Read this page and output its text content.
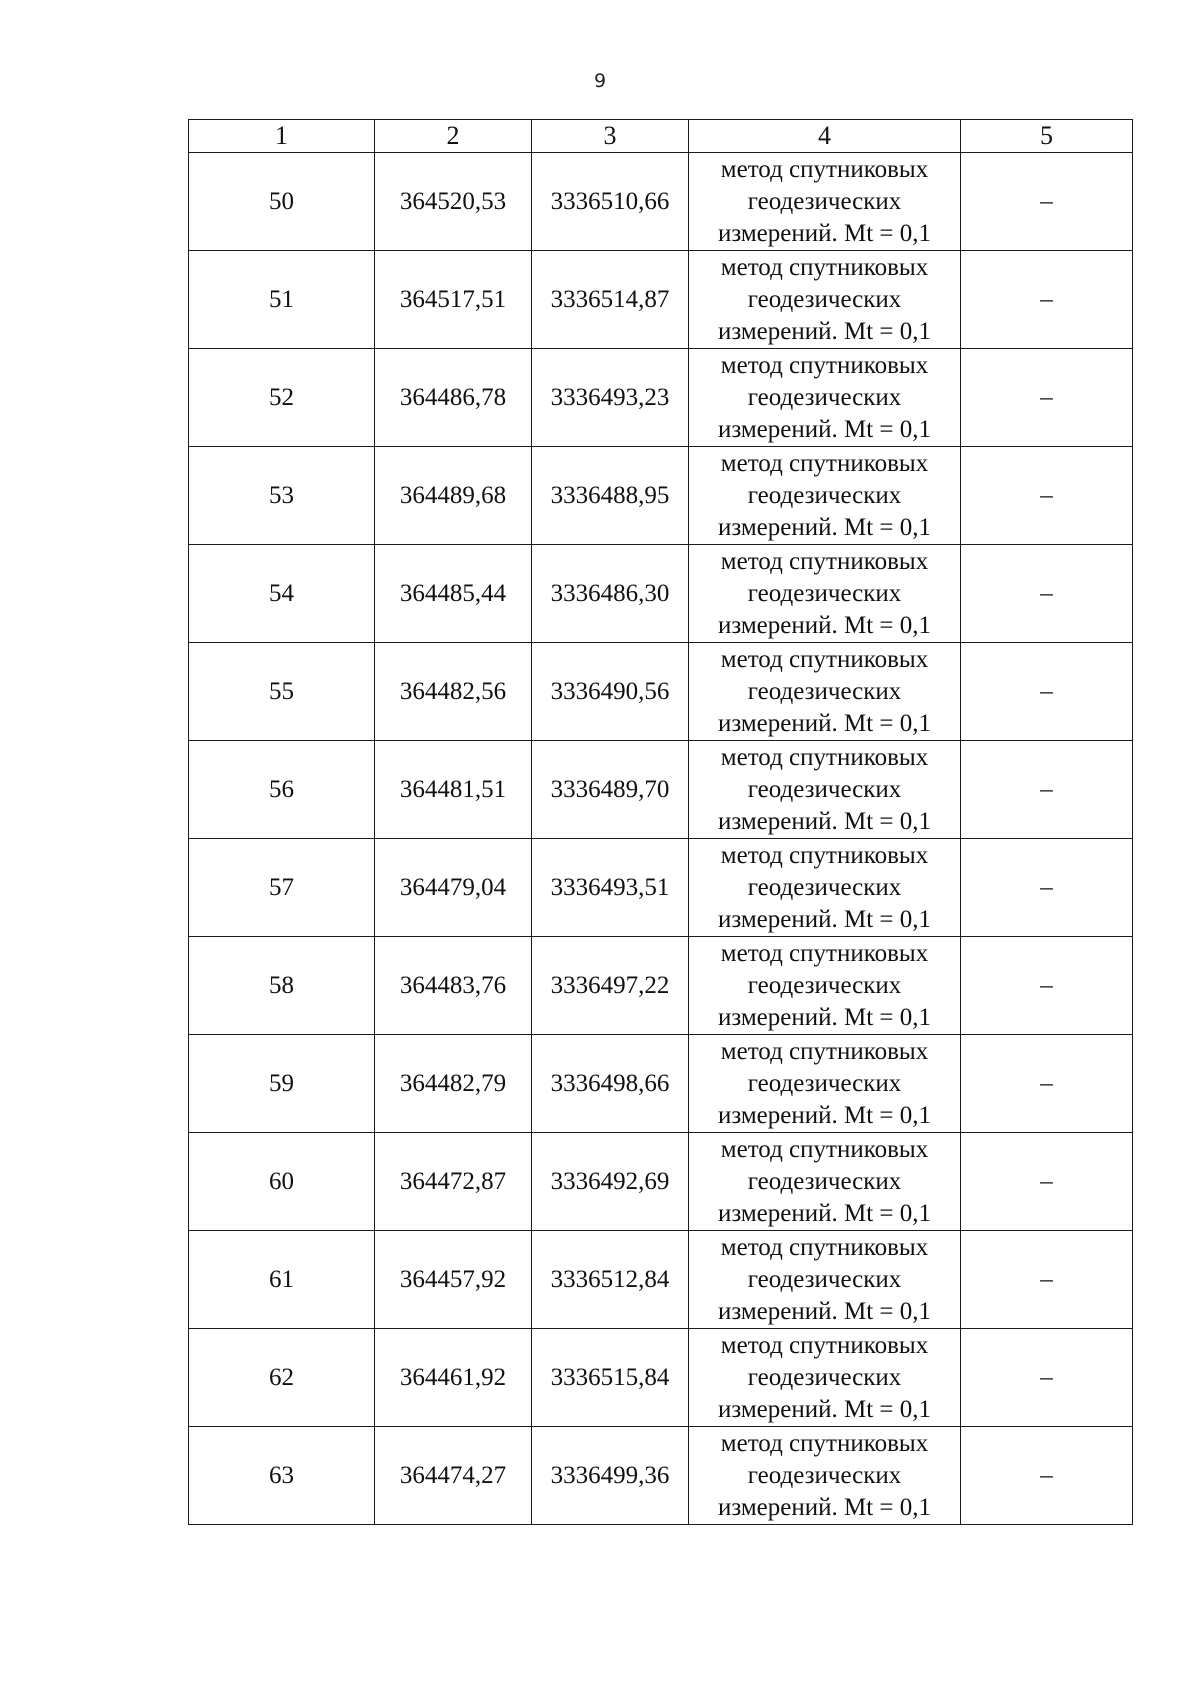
9
1	2	3	4	5
50	364520,53	3336510,66	метод спутниковых
геодезических
измерений. Mt = 0,1	–
51	364517,51	3336514,87	метод спутниковых
геодезических
измерений. Mt = 0,1	–
52	364486,78	3336493,23	метод спутниковых
геодезических
измерений. Mt = 0,1	–
53	364489,68	3336488,95	метод спутниковых
геодезических
измерений. Mt = 0,1	–
54	364485,44	3336486,30	метод спутниковых
геодезических
измерений. Mt = 0,1	–
55	364482,56	3336490,56	метод спутниковых
геодезических
измерений. Mt = 0,1	–
56	364481,51	3336489,70	метод спутниковых
геодезических
измерений. Mt = 0,1	–
57	364479,04	3336493,51	метод спутниковых
геодезических
измерений. Mt = 0,1	–
58	364483,76	3336497,22	метод спутниковых
геодезических
измерений. Mt = 0,1	–
59	364482,79	3336498,66	метод спутниковых
геодезических
измерений. Mt = 0,1	–
60	364472,87	3336492,69	метод спутниковых
геодезических
измерений. Mt = 0,1	–
61	364457,92	3336512,84	метод спутниковых
геодезических
измерений. Mt = 0,1	–
62	364461,92	3336515,84	метод спутниковых
геодезических
измерений. Mt = 0,1	–
63	364474,27	3336499,36	метод спутниковых
геодезических
измерений. Mt = 0,1	–
